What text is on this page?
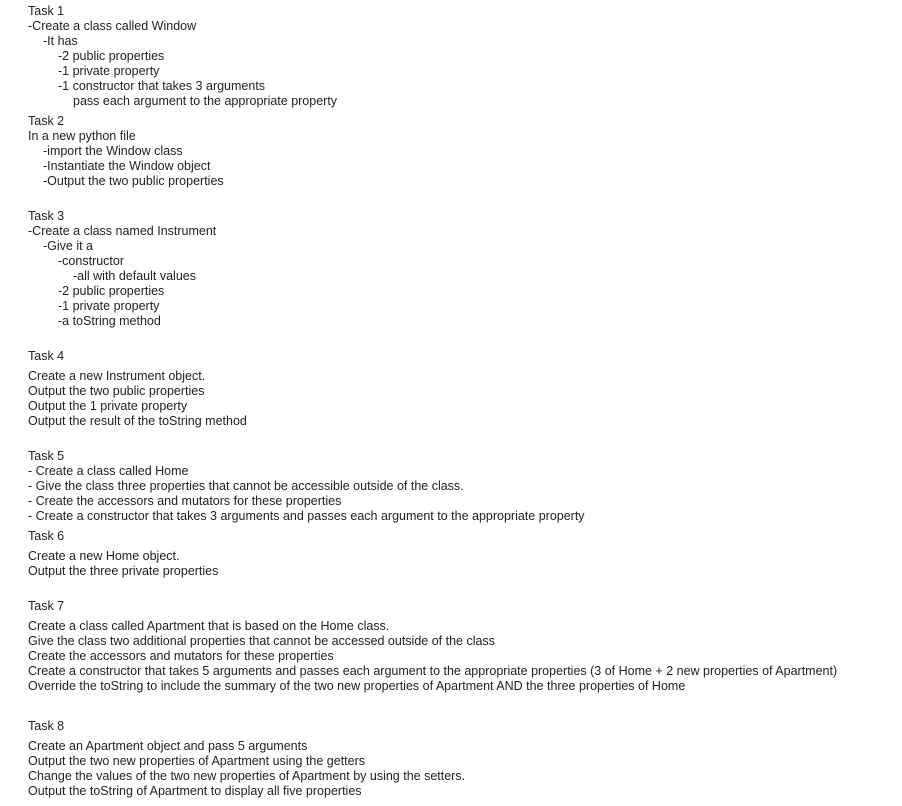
Task 1
-Create a class called Window
-It has
-2 public properties
-1 private property
-1 constructor that takes 3 arguments
pass each argument to the appropriate property
Task 2
In a new python file
-import the Window class
-Instantiate the Window object
-Output the two public properties
Task 3
-Create a class named Instrument
-Give it a
-constructor
-all with default values
-2 public properties
-1 private property
-a toString method
Task 4
Create a new Instrument object.
Output the two public properties
Output the 1 private property
Output the result of the toString method
Task 5
- Create a class called Home
- Give the class three properties that cannot be accessible outside of the class.
- Create the accessors and mutators for these properties
- Create a constructor that takes 3 arguments and passes each argument to the appropriate property
Task 6
Create a new Home object.
Output the three private properties
Task 7
Create a class called Apartment that is based on the Home class.
Give the class two additional properties that cannot be accessed outside of the class
Create the accessors and mutators for these properties
Create a constructor that takes 5 arguments and passes each argument to the appropriate properties (3 of Home + 2 new properties of Apartment)
Override the toString to include the summary of the two new properties of Apartment AND the three properties of Home
Task 8
Create an Apartment object and pass 5 arguments
Output the two new properties of Apartment using the getters
Change the values of the two new properties of Apartment by using the setters.
Output the toString of Apartment to display all five properties
